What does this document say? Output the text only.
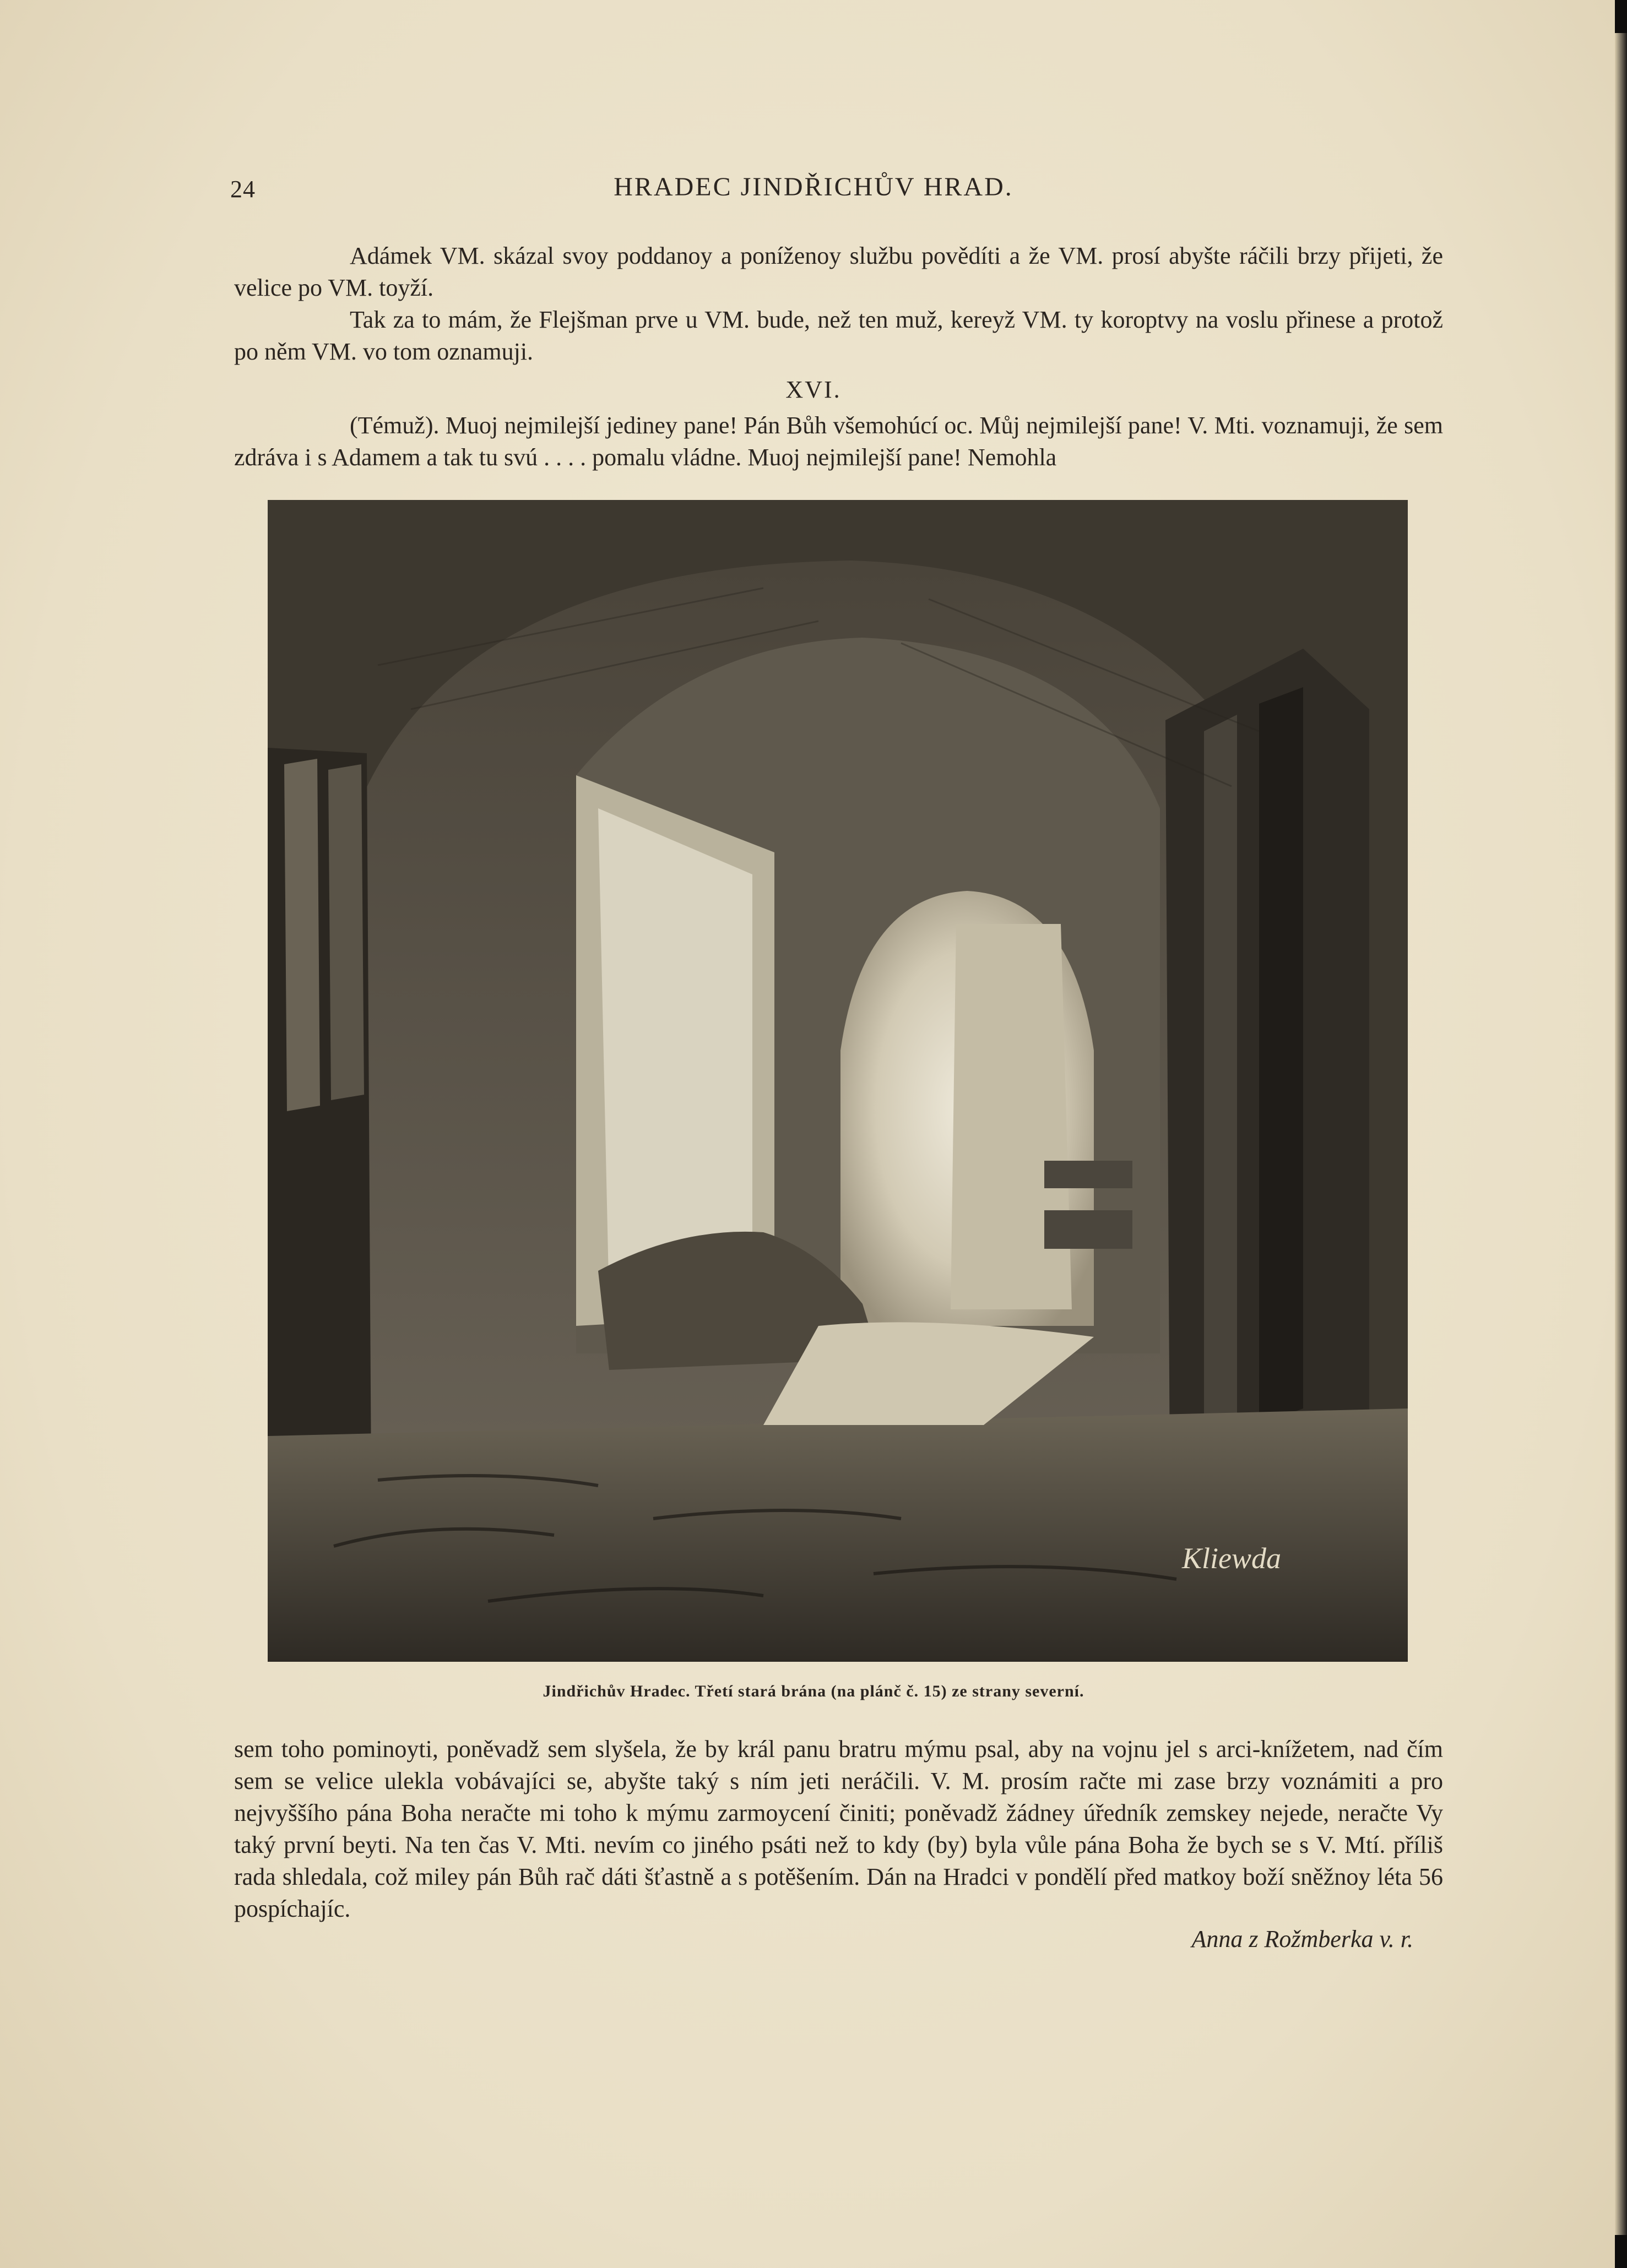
24	HRADEC JINDŘICHŮV HRAD.

Adámek VM. skázal svoy poddanoy a poníženoy službu povědíti a že VM. prosí abyšte ráčili brzy přijeti, že velice po VM. toyží.

Tak za to mám, že Flejšman prve u VM. bude, než ten muž, kereyž VM. ty koroptvy na voslu přinese a protož po něm VM. vo tom oznamuji.

XVI.

(Témuž). Muoj nejmilejší jediney pane! Pán Bůh všemohúcí oc. Můj nejmilejší pane! V. Mti. voznamuji, že sem zdráva i s Adamem a tak tu svú . . . . pomalu vládne. Muoj nejmilejší pane! Nemohla

Kliewda
Jindřichův Hradec. Třetí stará brána (na plánč č. 15) ze strany severní.

sem toho pominoyti, poněvadž sem slyšela, že by král panu bratru mýmu psal, aby na vojnu jel s arci-knížetem, nad čím sem se velice ulekla vobávajíci se, abyšte taký s ním jeti neráčili. V. M. prosím račte mi zase brzy voznámiti a pro nejvyššího pána Boha neračte mi toho k mýmu zarmoycení činiti; poněvadž žádney úředník zemskey nejede, neračte Vy taký první beyti. Na ten čas V. Mti. nevím co jiného psáti než to kdy (by) byla vůle pána Boha že bych se s V. Mtí. příliš rada shledala, což miley pán Bůh rač dáti šťastně a s potěšením. Dán na Hradci v pondělí před matkoy boží sněžnoy léta 56 pospíchajíc.

Anna z Rožmberka v. r.
